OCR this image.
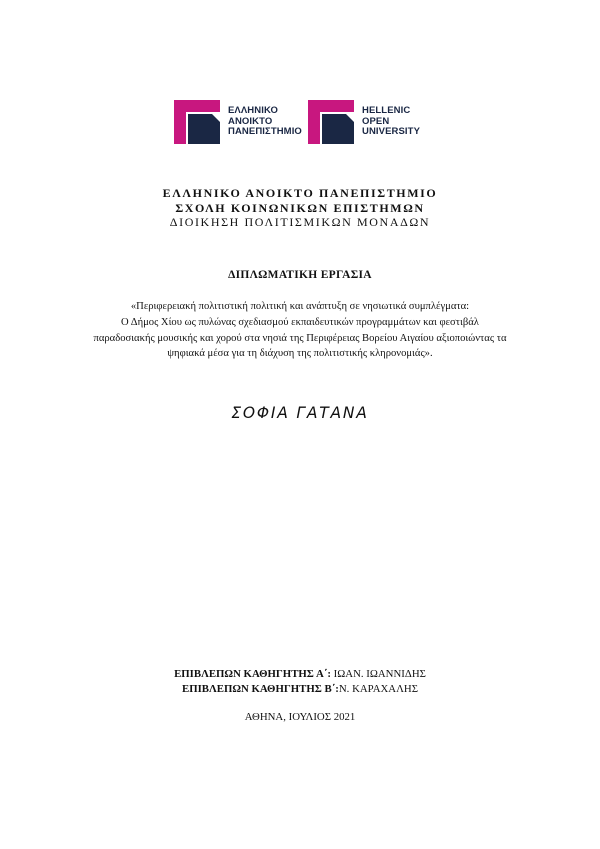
ΕΛΛΗΝΙΚΟ
ΑΝΟΙΚΤΟ
ΠΑΝΕΠΙΣΤΗΜΙΟ
HELLENIC
OPEN
UNIVERSITY
ΕΛΛΗΝΙΚΟ ΑΝΟΙΚΤΟ ΠΑΝΕΠΙΣΤΗΜΙΟ
ΣΧΟΛΗ ΚΟΙΝΩΝΙΚΩΝ ΕΠΙΣΤΗΜΩΝ
ΔΙΟΙΚΗΣΗ ΠΟΛΙΤΙΣΜΙΚΩΝ ΜΟΝΑΔΩΝ
ΔΙΠΛΩΜΑΤΙΚΗ ΕΡΓΑΣΙΑ
«Περιφερειακή πολιτιστική πολιτική και ανάπτυξη σε νησιωτικά συμπλέγματα:
Ο Δήμος Χίου ως πυλώνας σχεδιασμού εκπαιδευτικών προγραμμάτων και φεστιβάλ
παραδοσιακής μουσικής και χορού στα νησιά της Περιφέρειας Βορείου Αιγαίου αξιοποιώντας τα
ψηφιακά μέσα για τη διάχυση της πολιτιστικής κληρονομιάς».
ΣΟΦΙΑ ΓΑΤΑΝΑ
ΕΠΙΒΛΕΠΩΝ ΚΑΘΗΓΗΤΗΣ Α΄: ΙΩΑΝ. ΙΩΑΝΝΙΔΗΣ
ΕΠΙΒΛΕΠΩΝ ΚΑΘΗΓΗΤΗΣ Β΄:Ν. ΚΑΡΑΧΑΛΗΣ
ΑΘΗΝΑ, ΙΟΥΛΙΟΣ 2021
